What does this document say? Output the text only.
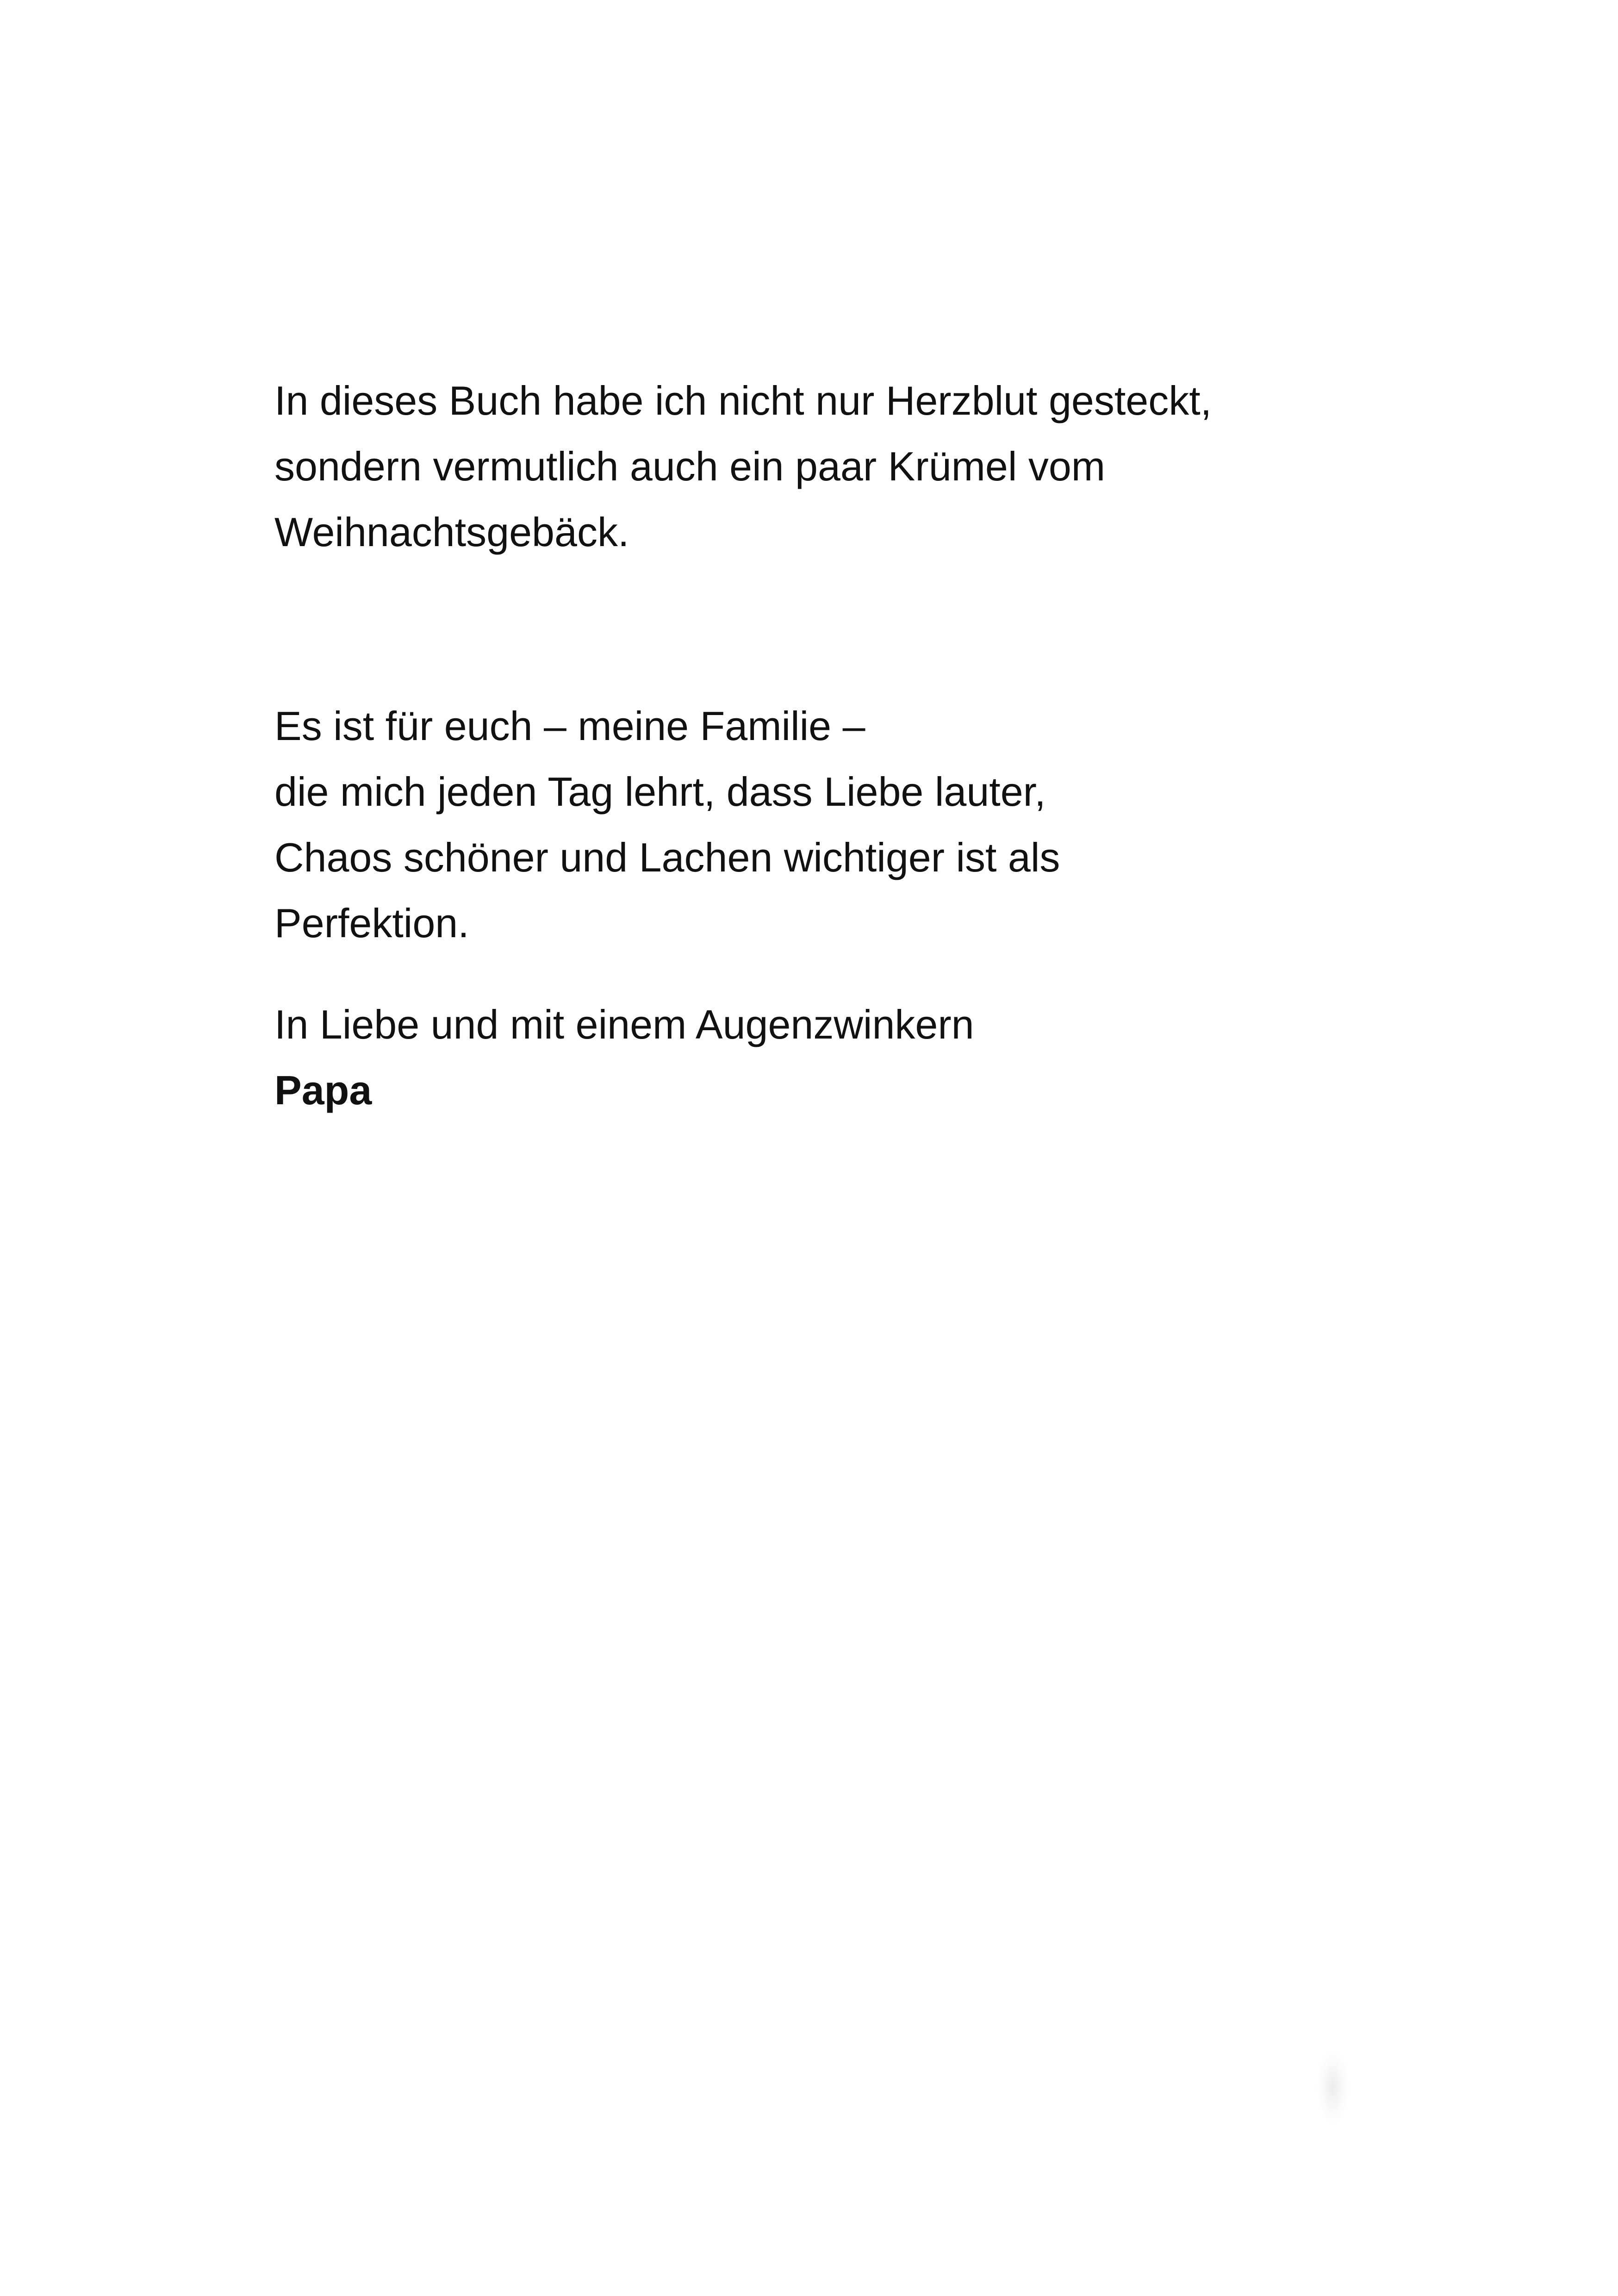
In dieses Buch habe ich nicht nur Herzblut gesteckt,
sondern vermutlich auch ein paar Krümel vom
Weihnachtsgebäck.
Es ist für euch – meine Familie –
die mich jeden Tag lehrt, dass Liebe lauter,
Chaos schöner und Lachen wichtiger ist als
Perfektion.
In Liebe und mit einem Augenzwinkern
Papa
